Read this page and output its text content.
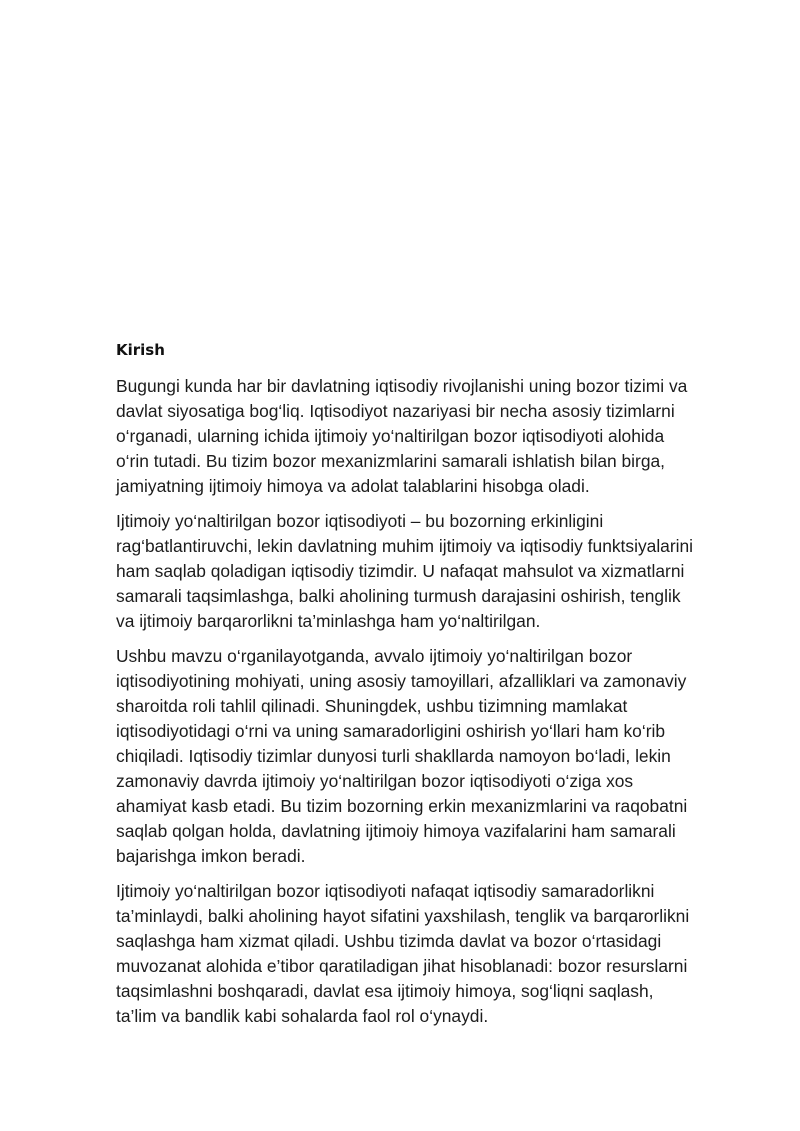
Kirish
Bugungi kunda har bir davlatning iqtisodiy rivojlanishi uning bozor tizimi va
davlat siyosatiga bog‘liq. Iqtisodiyot nazariyasi bir necha asosiy tizimlarni
o‘rganadi, ularning ichida ijtimoiy yo‘naltirilgan bozor iqtisodiyoti alohida
o‘rin tutadi. Bu tizim bozor mexanizmlarini samarali ishlatish bilan birga,
jamiyatning ijtimoiy himoya va adolat talablarini hisobga oladi.
Ijtimoiy yo‘naltirilgan bozor iqtisodiyoti – bu bozorning erkinligini
rag‘batlantiruvchi, lekin davlatning muhim ijtimoiy va iqtisodiy funktsiyalarini
ham saqlab qoladigan iqtisodiy tizimdir. U nafaqat mahsulot va xizmatlarni
samarali taqsimlashga, balki aholining turmush darajasini oshirish, tenglik
va ijtimoiy barqarorlikni ta’minlashga ham yo‘naltirilgan.
Ushbu mavzu o‘rganilayotganda, avvalo ijtimoiy yo‘naltirilgan bozor
iqtisodiyotining mohiyati, uning asosiy tamoyillari, afzalliklari va zamonaviy
sharoitda roli tahlil qilinadi. Shuningdek, ushbu tizimning mamlakat
iqtisodiyotidagi o‘rni va uning samaradorligini oshirish yo‘llari ham ko‘rib
chiqiladi. Iqtisodiy tizimlar dunyosi turli shakllarda namoyon bo‘ladi, lekin
zamonaviy davrda ijtimoiy yo‘naltirilgan bozor iqtisodiyoti o‘ziga xos
ahamiyat kasb etadi. Bu tizim bozorning erkin mexanizmlarini va raqobatni
saqlab qolgan holda, davlatning ijtimoiy himoya vazifalarini ham samarali
bajarishga imkon beradi.
Ijtimoiy yo‘naltirilgan bozor iqtisodiyoti nafaqat iqtisodiy samaradorlikni
ta’minlaydi, balki aholining hayot sifatini yaxshilash, tenglik va barqarorlikni
saqlashga ham xizmat qiladi. Ushbu tizimda davlat va bozor o‘rtasidagi
muvozanat alohida e’tibor qaratiladigan jihat hisoblanadi: bozor resurslarni
taqsimlashni boshqaradi, davlat esa ijtimoiy himoya, sog‘liqni saqlash,
ta’lim va bandlik kabi sohalarda faol rol o‘ynaydi.
